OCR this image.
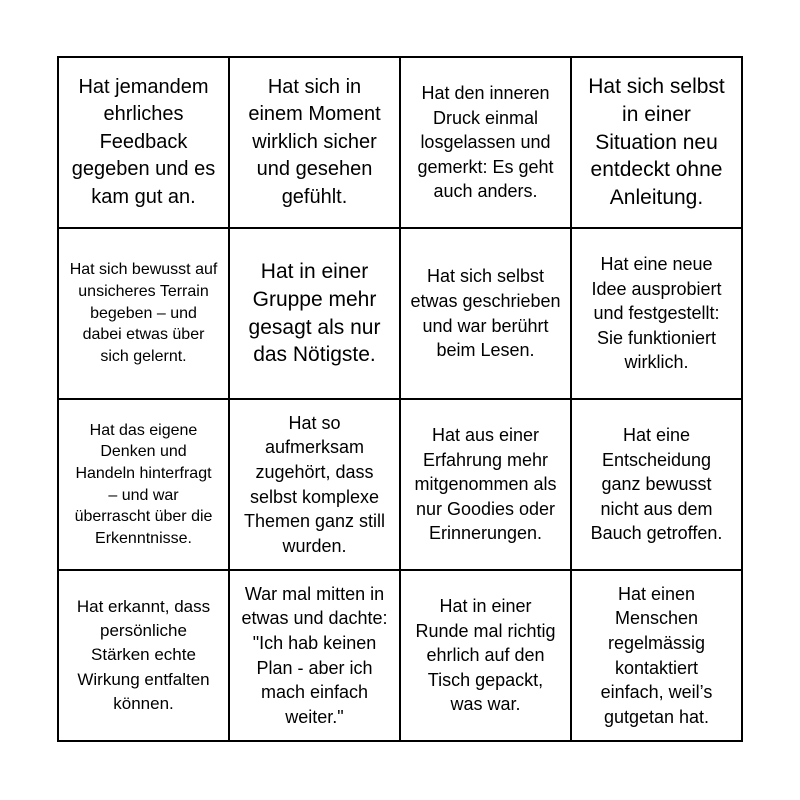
Hat jemandem ehrliches Feedback gegeben und es kam gut an.
Hat sich in einem Moment wirklich sicher und gesehen gefühlt.
Hat den inneren Druck einmal losgelassen und gemerkt: Es geht auch anders.
Hat sich selbst in einer Situation neu entdeckt ohne Anleitung.
Hat sich bewusst auf unsicheres Terrain begeben – und dabei etwas über sich gelernt.
Hat in einer Gruppe mehr gesagt als nur das Nötigste.
Hat sich selbst etwas geschrieben und war berührt beim Lesen.
Hat eine neue Idee ausprobiert und festgestellt: Sie funktioniert wirklich.
Hat das eigene Denken und Handeln hinterfragt – und war überrascht über die Erkenntnisse.
Hat so aufmerksam zugehört, dass selbst komplexe Themen ganz still wurden.
Hat aus einer Erfahrung mehr mitgenommen als nur Goodies oder Erinnerungen.
Hat eine Entscheidung ganz bewusst nicht aus dem Bauch getroffen.
Hat erkannt, dass persönliche Stärken echte Wirkung entfalten können.
War mal mitten in etwas und dachte: "Ich hab keinen Plan - aber ich mach einfach weiter."
Hat in einer Runde mal richtig ehrlich auf den Tisch gepackt, was war.
Hat einen Menschen regelmässig kontaktiert einfach, weil’s gutgetan hat.
